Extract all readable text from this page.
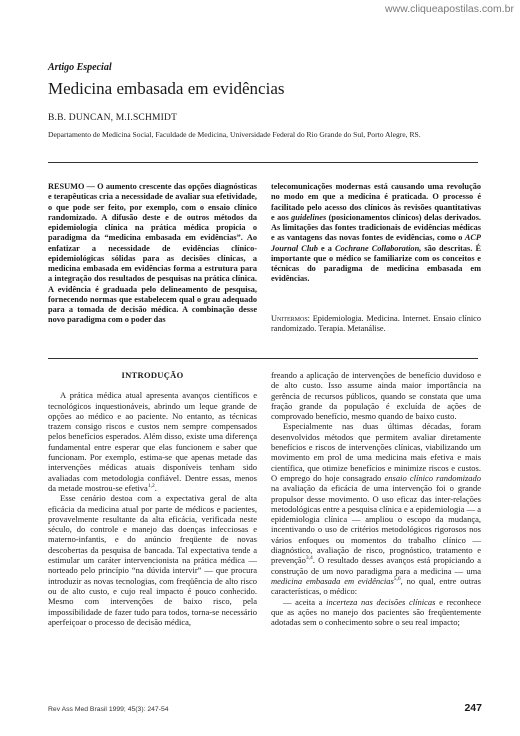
www.cliqueapostilas.com.br
Artigo Especial
Medicina embasada em evidências
B.B. DUNCAN, M.I.SCHMIDT
Departamento de Medicina Social, Faculdade de Medicina, Universidade Federal do Rio Grande do Sul, Porto Alegre, RS.

RESUMO — O aumento crescente das opções diagnósticas e terapêuticas cria a necessidade de avaliar sua efetividade, o que pode ser feito, por exemplo, com o ensaio clínico randomizado. A difusão deste e de outros métodos da epidemiologia clínica na prática médica propicia o paradigma da “medicina embasada em evidências”. Ao enfatizar a necessidade de evidências clínico-epidemiológicas sólidas para as decisões clínicas, a medicina embasada em evidências forma a estrutura para a integração dos resultados de pesquisas na prática clínica. A evidência é graduada pelo delineamento de pesquisa, fornecendo normas que estabelecem qual o grau adequado para a tomada de decisão médica. A combinação desse novo paradigma com o poder das

telecomunicações modernas está causando uma revolução no modo em que a medicina é praticada. O processo é facilitado pelo acesso dos clínicos às revisões quantitativas e aos guidelines (posicionamentos clínicos) delas derivados. As limitações das fontes tradicionais de evidências médicas e as vantagens das novas fontes de evidências, como o ACP Journal Club e a Cochrane Collaboration, são descritas. É importante que o médico se familiarize com os conceitos e técnicas do paradigma de medicina embasada em evidências.

Unitermos: Epidemiologia. Medicina. Internet. Ensaio clínico randomizado. Terapia. Metanálise.
INTRODUÇÃO

A prática médica atual apresenta avanços científicos e tecnológicos inquestionáveis, abrindo um leque grande de opções ao médico e ao paciente. No entanto, as técnicas trazem consigo riscos e custos nem sempre compensados pelos benefícios esperados. Além disso, existe uma diferença fundamental entre esperar que elas funcionem e saber que funcionam. Por exemplo, estima-se que apenas metade das intervenções médicas atuais disponíveis tenham sido avaliadas com metodologia confiável. Dentre essas, menos da metade mostrou-se efetiva$^{1,2}$.

Esse cenário destoa com a expectativa geral de alta eficácia da medicina atual por parte de médicos e pacientes, provavelmente resultante da alta eficácia, verificada neste século, do controle e manejo das doenças infecciosas e materno-infantis, e do anúncio freqüente de novas descobertas da pesquisa de bancada. Tal expectativa tende a estimular um caráter intervencionista na prática médica — norteado pelo princípio “na dúvida intervir” — que procura introduzir as novas tecnologias, com freqüência de alto risco ou de alto custo, e cujo real impacto é pouco conhecido. Mesmo com intervenções de baixo risco, pela impossibilidade de fazer tudo para todos, torna-se necessário aperfeiçoar o processo de decisão médica,

freando a aplicação de intervenções de benefício duvidoso e de alto custo. Isso assume ainda maior importância na gerência de recursos públicos, quando se constata que uma fração grande da população é excluída de ações de comprovado benefício, mesmo quando de baixo custo.

Especialmente nas duas últimas décadas, foram desenvolvidos métodos que permitem avaliar diretamente benefícios e riscos de intervenções clínicas, viabilizando um movimento em prol de uma medicina mais efetiva e mais científica, que otimize benefícios e minimize riscos e custos. O emprego do hoje consagrado ensaio clínico randomizado na avaliação da eficácia de uma intervenção foi o grande propulsor desse movimento. O uso eficaz das inter-relações metodológicas entre a pesquisa clínica e a epidemiologia — a epidemiologia clínica — ampliou o escopo da mudança, incentivando o uso de critérios metodológicos rigorosos nos vários enfoques ou momentos do trabalho clínico — diagnóstico, avaliação de risco, prognóstico, tratamento e prevenção$^{3,4}$. O resultado desses avanços está propiciando a construção de um novo paradigma para a medicina — uma medicina embasada em evidências$^{5,6}$, no qual, entre outras características, o médico:

— aceita a incerteza nas decisões clínicas e reconhece que as ações no manejo dos pacientes são freqüentemente adotadas sem o conhecimento sobre o seu real impacto;

Rev Ass Med Brasil 1999; 45(3): 247-54	247
